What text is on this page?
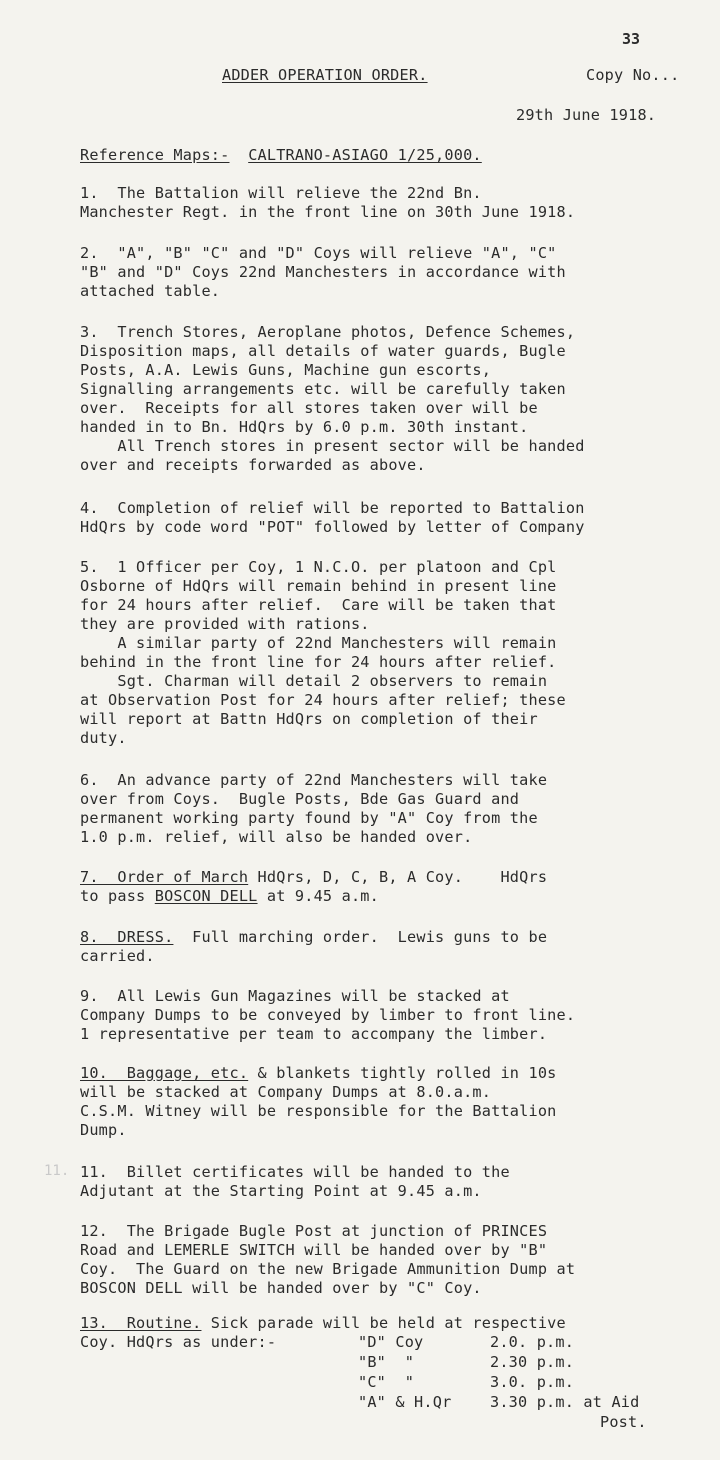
33
ADDER OPERATION ORDER.	Copy No...
29th June 1918.
Reference Maps:- CALTRANO-ASIAGO 1/25,000.
1.  The Battalion will relieve the 22nd Bn.
Manchester Regt. in the front line on 30th June 1918.
2.  "A", "B" "C" and "D" Coys will relieve "A", "C"
"B" and "D" Coys 22nd Manchesters in accordance with
attached table.
3.  Trench Stores, Aeroplane photos, Defence Schemes,
Disposition maps, all details of water guards, Bugle
Posts, A.A. Lewis Guns, Machine gun escorts,
Signalling arrangements etc. will be carefully taken
over.  Receipts for all stores taken over will be
handed in to Bn. HdQrs by 6.0 p.m. 30th instant.
All Trench stores in present sector will be handed
over and receipts forwarded as above.
4.  Completion of relief will be reported to Battalion
HdQrs by code word "POT" followed by letter of Company
5.  1 Officer per Coy, 1 N.C.O. per platoon and Cpl
Osborne of HdQrs will remain behind in present line
for 24 hours after relief.  Care will be taken that
they are provided with rations.
A similar party of 22nd Manchesters will remain
behind in the front line for 24 hours after relief.
Sgt. Charman will detail 2 observers to remain
at Observation Post for 24 hours after relief; these
will report at Battn HdQrs on completion of their
duty.
6.  An advance party of 22nd Manchesters will take
over from Coys.  Bugle Posts, Bde Gas Guard and
permanent working party found by "A" Coy from the
1.0 p.m. relief, will also be handed over.
7.  Order of March HdQrs, D, C, B, A Coy.    HdQrs
to pass BOSCON DELL at 9.45 a.m.
8.  DRESS.  Full marching order.  Lewis guns to be
carried.
9.  All Lewis Gun Magazines will be stacked at
Company Dumps to be conveyed by limber to front line.
1 representative per team to accompany the limber.
10.  Baggage, etc. & blankets tightly rolled in 10s
will be stacked at Company Dumps at 8.0.a.m.
C.S.M. Witney will be responsible for the Battalion
Dump.
11. 11.  Billet certificates will be handed to the
Adjutant at the Starting Point at 9.45 a.m.
12.  The Brigade Bugle Post at junction of PRINCES
Road and LEMERLE SWITCH will be handed over by "B"
Coy.  The Guard on the new Brigade Ammunition Dump at
BOSCON DELL will be handed over by "C" Coy.
13.  Routine. Sick parade will be held at respective
Coy. HdQrs as under:-	"D" Coy	2.0. p.m.
"B"  "	2.30 p.m.
"C"  "	3.0. p.m.
"A" & H.Qr	3.30 p.m. at Aid
Post.
